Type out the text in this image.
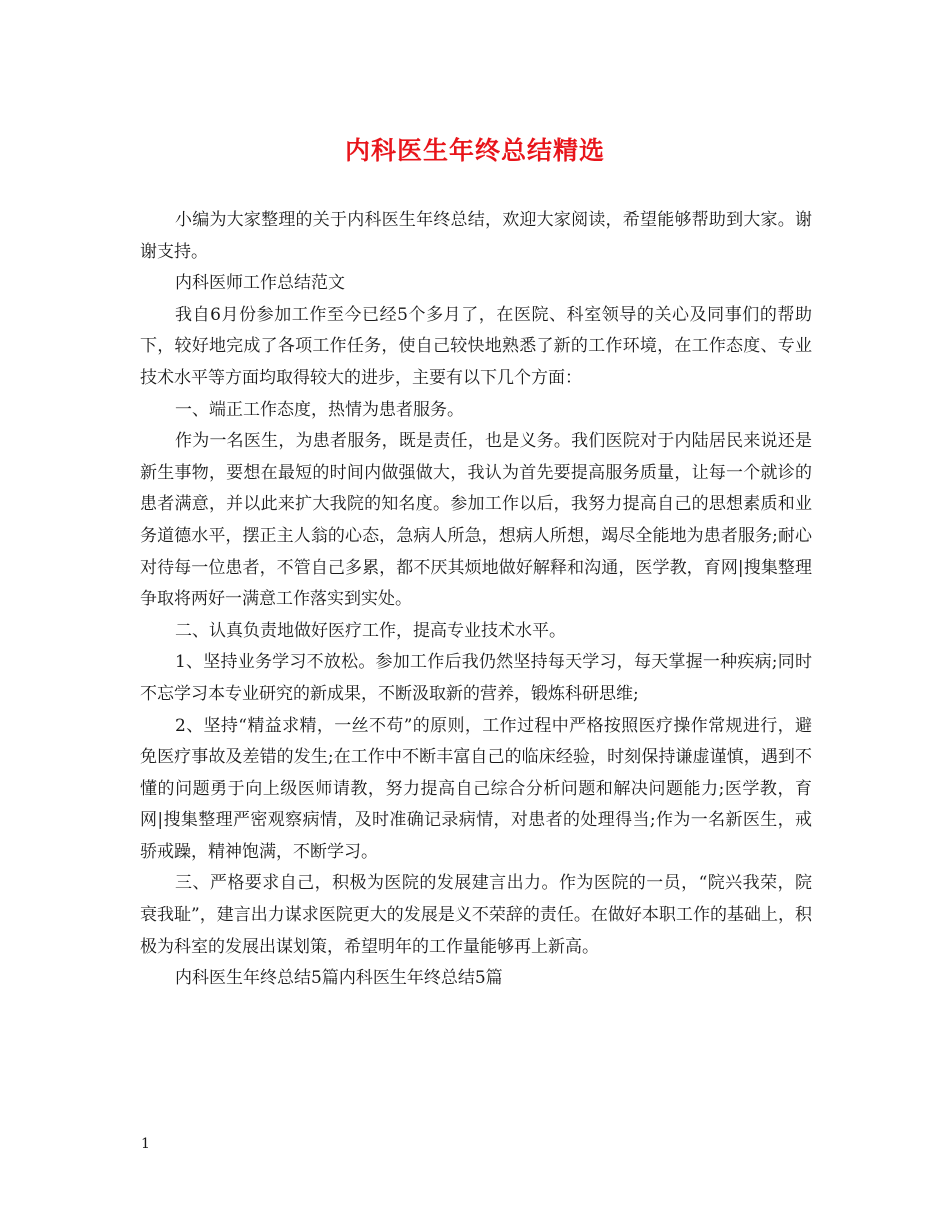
内科医生年终总结精选

小编为大家整理的关于内科医生年终总结，欢迎大家阅读，希望能够帮助到大家。谢谢支持。

内科医师工作总结范文

我自6月份参加工作至今已经5个多月了，在医院、科室领导的关心及同事们的帮助下，较好地完成了各项工作任务，使自己较快地熟悉了新的工作环境，在工作态度、专业技术水平等方面均取得较大的进步，主要有以下几个方面：

一、端正工作态度，热情为患者服务。

作为一名医生，为患者服务，既是责任，也是义务。我们医院对于内陆居民来说还是新生事物，要想在最短的时间内做强做大，我认为首先要提高服务质量，让每一个就诊的患者满意，并以此来扩大我院的知名度。参加工作以后，我努力提高自己的思想素质和业务道德水平，摆正主人翁的心态，急病人所急，想病人所想，竭尽全能地为患者服务;耐心对待每一位患者，不管自己多累，都不厌其烦地做好解释和沟通，医学教，育网|搜集整理争取将两好一满意工作落实到实处。

二、认真负责地做好医疗工作，提高专业技术水平。

1、坚持业务学习不放松。参加工作后我仍然坚持每天学习，每天掌握一种疾病;同时不忘学习本专业研究的新成果，不断汲取新的营养，锻炼科研思维;

2、坚持“精益求精，一丝不苟”的原则，工作过程中严格按照医疗操作常规进行，避免医疗事故及差错的发生;在工作中不断丰富自己的临床经验，时刻保持谦虚谨慎，遇到不懂的问题勇于向上级医师请教，努力提高自己综合分析问题和解决问题能力;医学教，育网|搜集整理严密观察病情，及时准确记录病情，对患者的处理得当;作为一名新医生，戒骄戒躁，精神饱满，不断学习。

三、严格要求自己，积极为医院的发展建言出力。作为医院的一员，“院兴我荣，院衰我耻”，建言出力谋求医院更大的发展是义不荣辞的责任。在做好本职工作的基础上，积极为科室的发展出谋划策，希望明年的工作量能够再上新高。

内科医生年终总结5篇内科医生年终总结5篇

1
